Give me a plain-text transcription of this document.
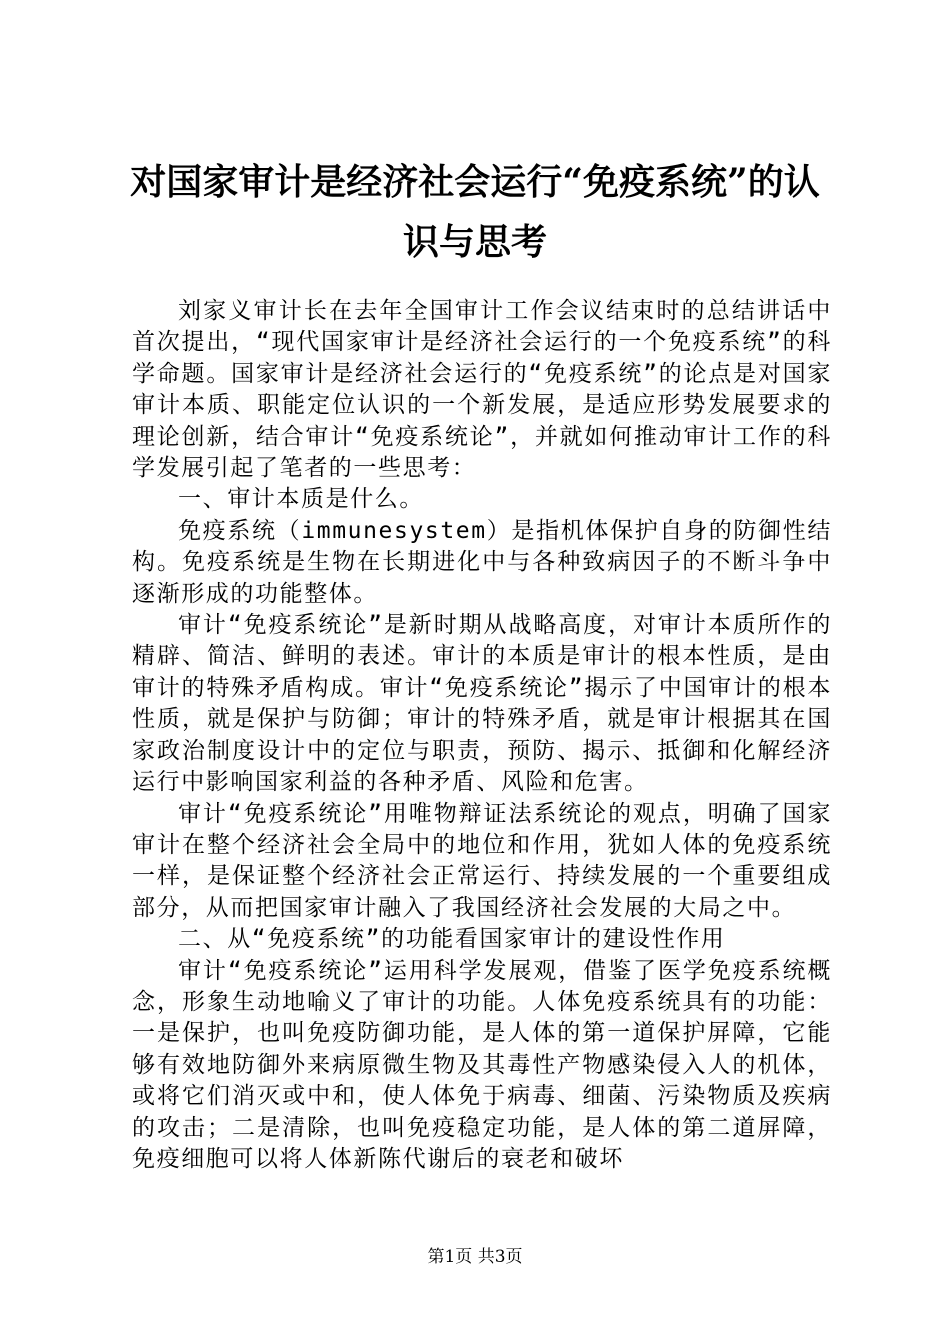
对国家审计是经济社会运行“免疫系统”的认
识与思考

刘家义审计长在去年全国审计工作会议结束时的总结讲话中首次提出，“现代国家审计是经济社会运行的一个免疫系统”的科学命题。国家审计是经济社会运行的“免疫系统”的论点是对国家审计本质、职能定位认识的一个新发展，是适应形势发展要求的理论创新，结合审计“免疫系统论”，并就如何推动审计工作的科学发展引起了笔者的一些思考：

一、审计本质是什么。

免疫系统（immunesystem）是指机体保护自身的防御性结构。免疫系统是生物在长期进化中与各种致病因子的不断斗争中逐渐形成的功能整体。

审计“免疫系统论”是新时期从战略高度，对审计本质所作的精辟、简洁、鲜明的表述。审计的本质是审计的根本性质，是由审计的特殊矛盾构成。审计“免疫系统论”揭示了中国审计的根本性质，就是保护与防御；审计的特殊矛盾，就是审计根据其在国家政治制度设计中的定位与职责，预防、揭示、抵御和化解经济运行中影响国家利益的各种矛盾、风险和危害。

审计“免疫系统论”用唯物辩证法系统论的观点，明确了国家审计在整个经济社会全局中的地位和作用，犹如人体的免疫系统一样，是保证整个经济社会正常运行、持续发展的一个重要组成部分，从而把国家审计融入了我国经济社会发展的大局之中。

二、从“免疫系统”的功能看国家审计的建设性作用

审计“免疫系统论”运用科学发展观，借鉴了医学免疫系统概念，形象生动地喻义了审计的功能。人体免疫系统具有的功能：一是保护，也叫免疫防御功能，是人体的第一道保护屏障，它能够有效地防御外来病原微生物及其毒性产物感染侵入人的机体，或将它们消灭或中和，使人体免于病毒、细菌、污染物质及疾病的攻击；二是清除，也叫免疫稳定功能，是人体的第二道屏障，免疫细胞可以将人体新陈代谢后的衰老和破坏

第1页 共3页
